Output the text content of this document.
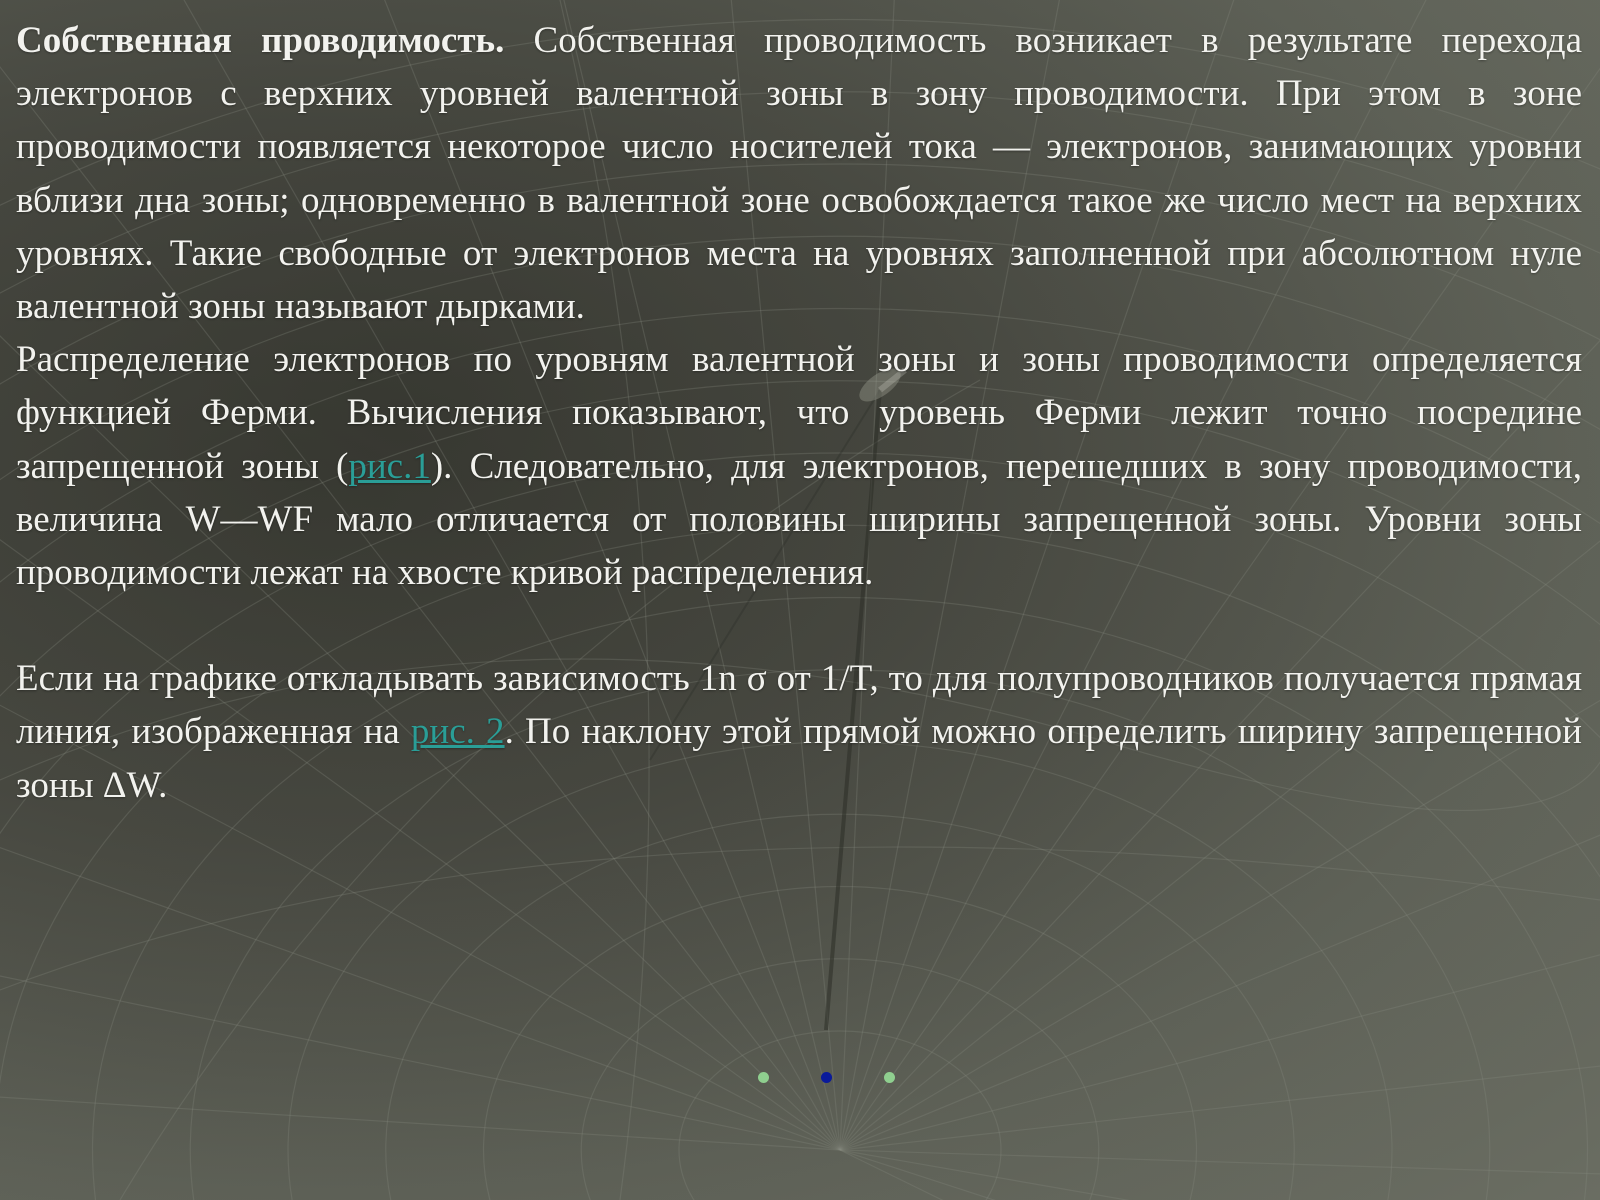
Собственная проводимость. Собственная проводимость возникает в результате перехода электронов с верхних уровней валентной зоны в зону проводимости. При этом в зоне проводимости появляется некоторое число носителей тока — электронов, занимающих уровни вблизи дна зоны; одновременно в валентной зоне освобождается такое же число мест на верхних уровнях. Такие свободные от электронов места на уровнях заполненной при абсолютном нуле валентной зоны называют дырками.

Распределение электронов по уровням валентной зоны и зоны проводимости определяется функцией Ферми. Вычисления показывают, что уровень Ферми лежит точно посредине запрещенной зоны (рис.1). Следовательно, для электронов, перешедших в зону проводимости, величина W—WF мало отличается от половины ширины запрещенной зоны. Уровни зоны проводимости лежат на хвосте кривой распределения.

Если на графике откладывать зависимость 1n σ от 1/T, то для полупроводников получается прямая линия, изображенная на рис. 2. По наклону этой прямой можно определить ширину запрещенной зоны ΔW.
